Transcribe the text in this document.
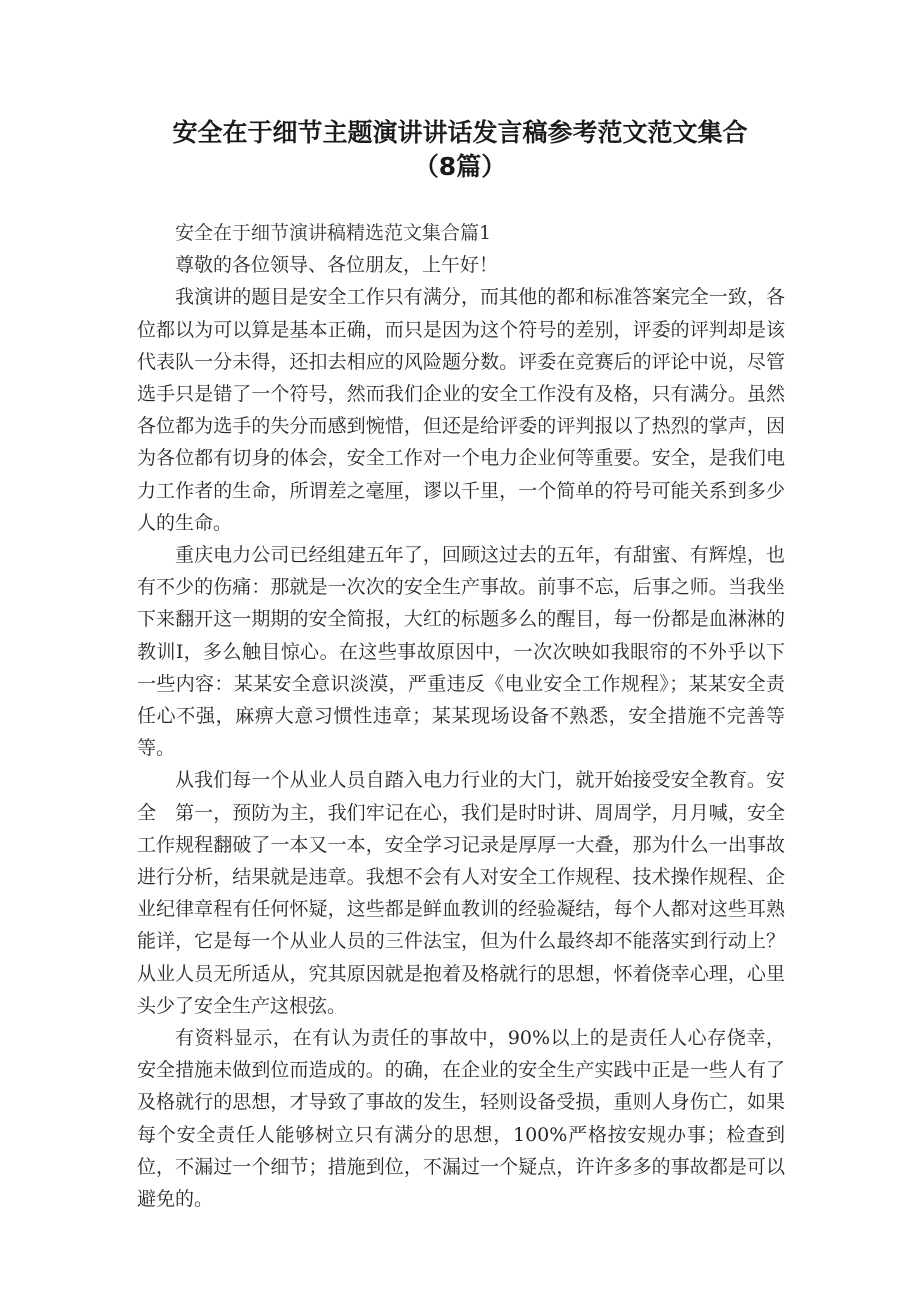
安全在于细节主题演讲讲话发言稿参考范文范文集合
（8篇）

安全在于细节演讲稿精选范文集合篇1

尊敬的各位领导、各位朋友，上午好！

我演讲的题目是安全工作只有满分，而其他的都和标准答案完全一致，各位都以为可以算是基本正确，而只是因为这个符号的差别，评委的评判却是该代表队一分未得，还扣去相应的风险题分数。评委在竞赛后的评论中说，尽管选手只是错了一个符号，然而我们企业的安全工作没有及格，只有满分。虽然各位都为选手的失分而感到惋惜，但还是给评委的评判报以了热烈的掌声，因为各位都有切身的体会，安全工作对一个电力企业何等重要。安全，是我们电力工作者的生命，所谓差之毫厘，谬以千里，一个简单的符号可能关系到多少人的生命。

重庆电力公司已经组建五年了，回顾这过去的五年，有甜蜜、有辉煌，也有不少的伤痛：那就是一次次的安全生产事故。前事不忘，后事之师。当我坐下来翻开这一期期的安全简报，大红的标题多么的醒目，每一份都是血淋淋的教训I，多么触目惊心。在这些事故原因中，一次次映如我眼帘的不外乎以下一些内容：某某安全意识淡漠，严重违反《电业安全工作规程》；某某安全责任心不强，麻痹大意习惯性违章；某某现场设备不熟悉，安全措施不完善等等。

从我们每一个从业人员自踏入电力行业的大门，就开始接受安全教育。安全　第一，预防为主，我们牢记在心，我们是时时讲、周周学，月月喊，安全工作规程翻破了一本又一本，安全学习记录是厚厚一大叠，那为什么一出事故进行分析，结果就是违章。我想不会有人对安全工作规程、技术操作规程、企业纪律章程有任何怀疑，这些都是鲜血教训的经验凝结，每个人都对这些耳熟能详，它是每一个从业人员的三件法宝，但为什么最终却不能落实到行动上？从业人员无所适从，究其原因就是抱着及格就行的思想，怀着侥幸心理，心里头少了安全生产这根弦。

有资料显示，在有认为责任的事故中，90%以上的是责任人心存侥幸，安全措施未做到位而造成的。的确，在企业的安全生产实践中正是一些人有了及格就行的思想，才导致了事故的发生，轻则设备受损，重则人身伤亡，如果每个安全责任人能够树立只有满分的思想，100%严格按安规办事；检查到位，不漏过一个细节；措施到位，不漏过一个疑点，许许多多的事故都是可以避免的。
